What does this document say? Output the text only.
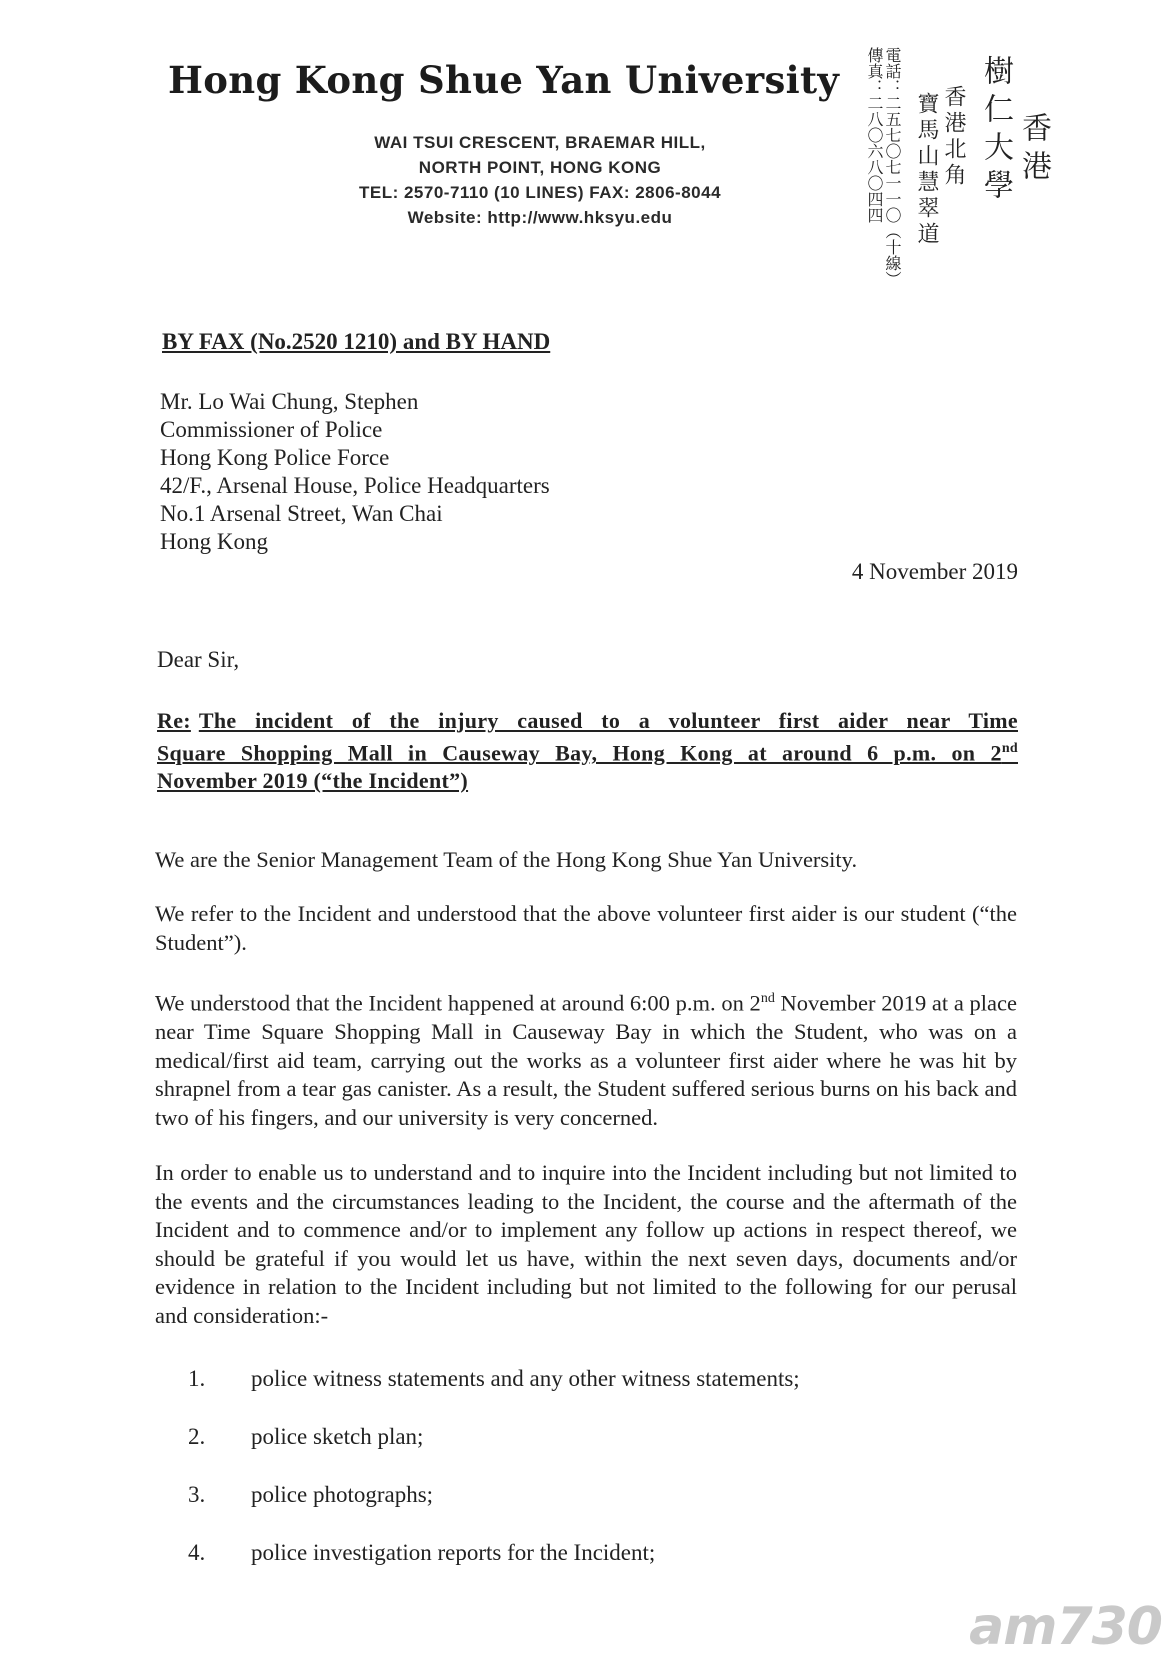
Hong Kong Shue Yan University
WAI TSUI CRESCENT, BRAEMAR HILL,
NORTH POINT, HONG KONG
TEL: 2570-7110 (10 LINES) FAX: 2806-8044
Website: http://www.hksyu.edu	傳真：二八〇六八〇四四 電話：二五七〇七一一〇（十線） 寶馬山慧翠道 香港北角 樹仁大學 香港
BY FAX (No.2520 1210) and BY HAND
Mr. Lo Wai Chung, Stephen
Commissioner of Police
Hong Kong Police Force
42/F., Arsenal House, Police Headquarters
No.1 Arsenal Street, Wan Chai
Hong Kong
4 November 2019
Dear Sir,
Re: The incident of the injury caused to a volunteer first aider near Time
Square Shopping Mall in Causeway Bay, Hong Kong at around 6 p.m. on 2nd
November 2019 (“the Incident”)
We are the Senior Management Team of the Hong Kong Shue Yan University.
We refer to the Incident and understood that the above volunteer first aider is our student (“the Student”).
We understood that the Incident happened at around 6:00 p.m. on 2nd November 2019 at a place near Time Square Shopping Mall in Causeway Bay in which the Student, who was on a medical/first aid team, carrying out the works as a volunteer first aider where he was hit by shrapnel from a tear gas canister. As a result, the Student suffered serious burns on his back and two of his fingers, and our university is very concerned.
In order to enable us to understand and to inquire into the Incident including but not limited to the events and the circumstances leading to the Incident, the course and the aftermath of the Incident and to commence and/or to implement any follow up actions in respect thereof, we should be grateful if you would let us have, within the next seven days, documents and/or evidence in relation to the Incident including but not limited to the following for our perusal and consideration:-
1. police witness statements and any other witness statements;
2. police sketch plan;
3. police photographs;
4. police investigation reports for the Incident;
am730
